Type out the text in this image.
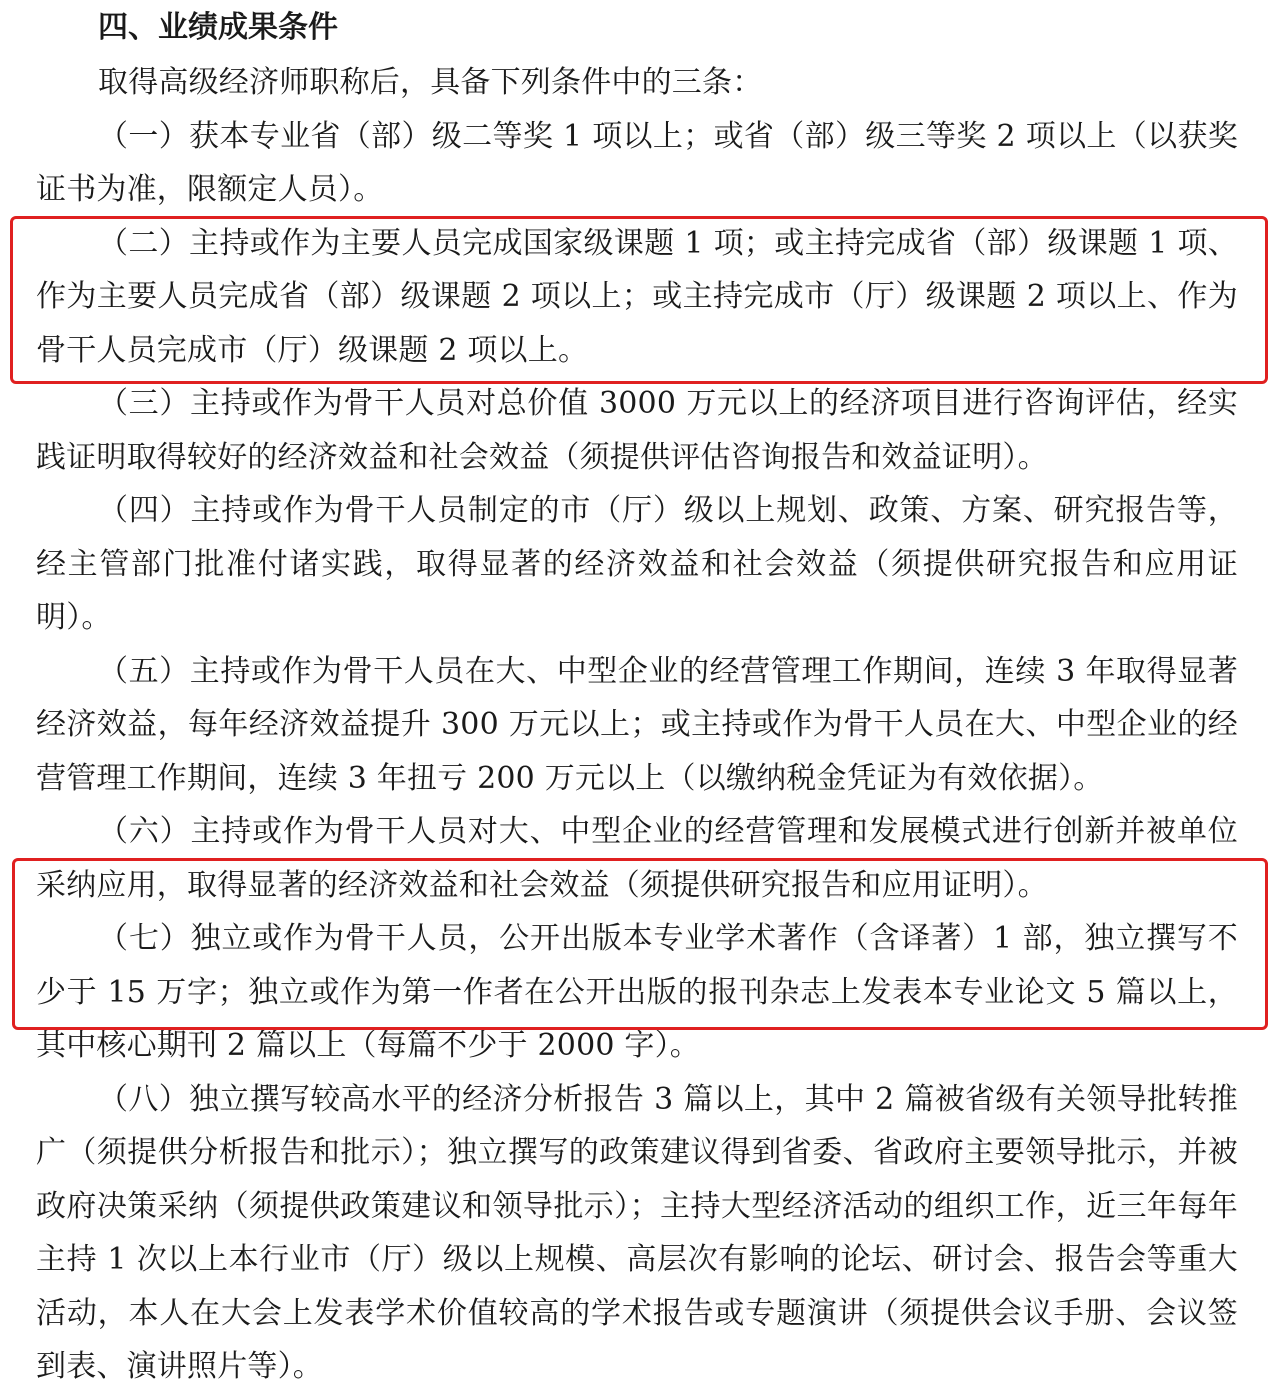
四、业绩成果条件

取得高级经济师职称后，具备下列条件中的三条：

（一）获本专业省（部）级二等奖 1 项以上；或省（部）级三等奖 2 项以上（以获奖证书为准，限额定人员）。

（二）主持或作为主要人员完成国家级课题 1 项；或主持完成省（部）级课题 1 项、作为主要人员完成省（部）级课题 2 项以上；或主持完成市（厅）级课题 2 项以上、作为骨干人员完成市（厅）级课题 2 项以上。

（三）主持或作为骨干人员对总价值 3000 万元以上的经济项目进行咨询评估，经实践证明取得较好的经济效益和社会效益（须提供评估咨询报告和效益证明）。

（四）主持或作为骨干人员制定的市（厅）级以上规划、政策、方案、研究报告等，经主管部门批准付诸实践，取得显著的经济效益和社会效益（须提供研究报告和应用证明）。

（五）主持或作为骨干人员在大、中型企业的经营管理工作期间，连续 3 年取得显著经济效益，每年经济效益提升 300 万元以上；或主持或作为骨干人员在大、中型企业的经营管理工作期间，连续 3 年扭亏 200 万元以上（以缴纳税金凭证为有效依据）。

（六）主持或作为骨干人员对大、中型企业的经营管理和发展模式进行创新并被单位采纳应用，取得显著的经济效益和社会效益（须提供研究报告和应用证明）。

（七）独立或作为骨干人员，公开出版本专业学术著作（含译著）1 部，独立撰写不少于 15 万字；独立或作为第一作者在公开出版的报刊杂志上发表本专业论文 5 篇以上，其中核心期刊 2 篇以上（每篇不少于 2000 字）。

（八）独立撰写较高水平的经济分析报告 3 篇以上，其中 2 篇被省级有关领导批转推广（须提供分析报告和批示）；独立撰写的政策建议得到省委、省政府主要领导批示，并被政府决策采纳（须提供政策建议和领导批示）；主持大型经济活动的组织工作，近三年每年主持 1 次以上本行业市（厅）级以上规模、高层次有影响的论坛、研讨会、报告会等重大活动，本人在大会上发表学术价值较高的学术报告或专题演讲（须提供会议手册、会议签到表、演讲照片等）。
